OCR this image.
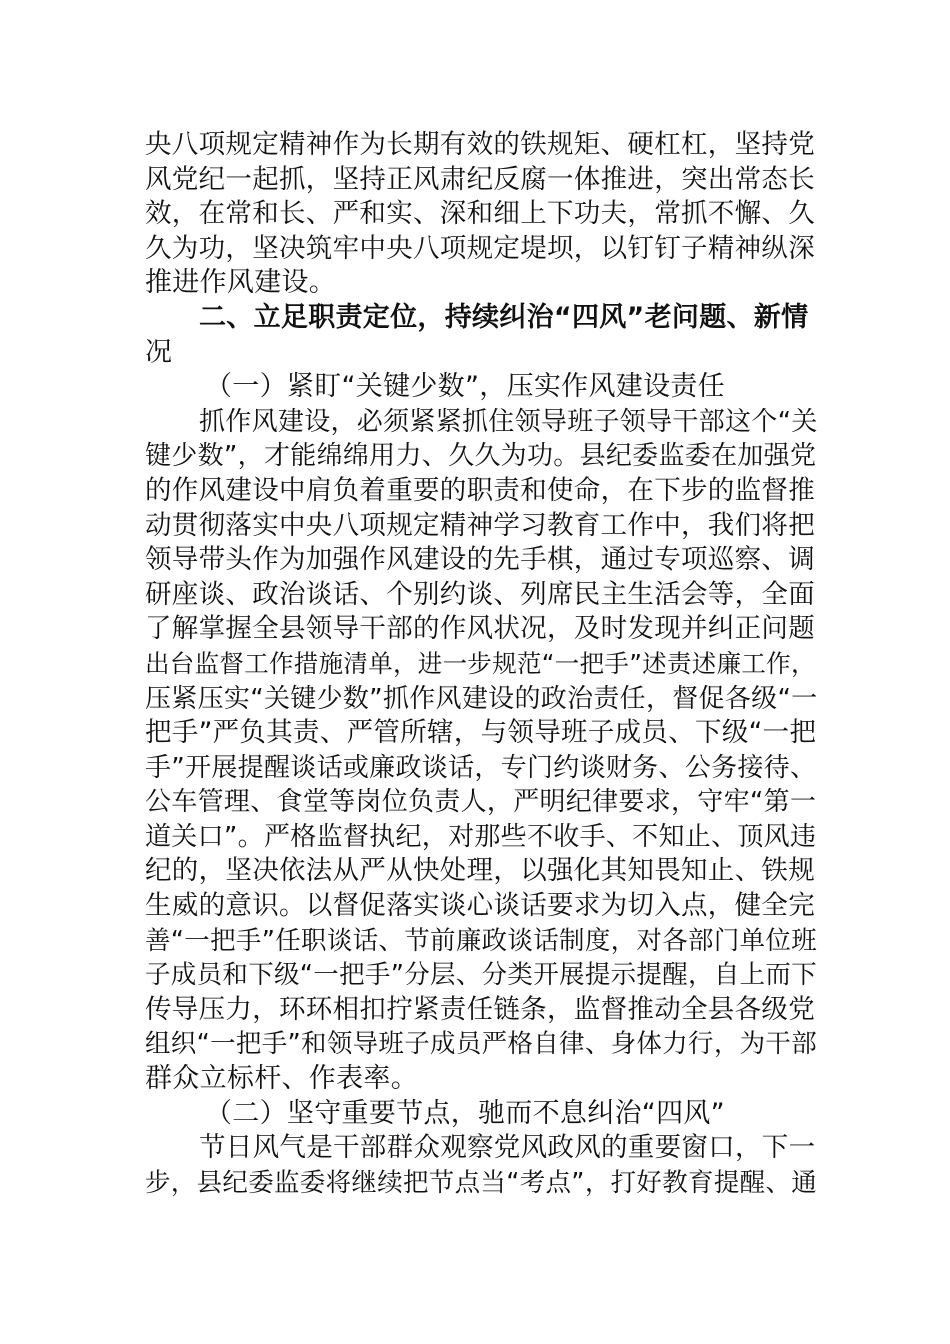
央八项规定精神作为长期有效的铁规矩、硬杠杠，坚持党
风党纪一起抓，坚持正风肃纪反腐一体推进，突出常态长
效，在常和长、严和实、深和细上下功夫，常抓不懈、久
久为功，坚决筑牢中央八项规定堤坝，以钉钉子精神纵深
推进作风建设。
二、立足职责定位，持续纠治“四风”老问题、新情
况
（一）紧盯“关键少数”，压实作风建设责任
抓作风建设，必须紧紧抓住领导班子领导干部这个“关
键少数”，才能绵绵用力、久久为功。县纪委监委在加强党
的作风建设中肩负着重要的职责和使命，在下步的监督推
动贯彻落实中央八项规定精神学习教育工作中，我们将把
领导带头作为加强作风建设的先手棋，通过专项巡察、调
研座谈、政治谈话、个别约谈、列席民主生活会等，全面
了解掌握全县领导干部的作风状况，及时发现并纠正问题
出台监督工作措施清单，进一步规范“一把手”述责述廉工作，
压紧压实“关键少数”抓作风建设的政治责任，督促各级“一
把手”严负其责、严管所辖，与领导班子成员、下级“一把
手”开展提醒谈话或廉政谈话，专门约谈财务、公务接待、
公车管理、食堂等岗位负责人，严明纪律要求，守牢“第一
道关口”。严格监督执纪，对那些不收手、不知止、顶风违
纪的，坚决依法从严从快处理，以强化其知畏知止、铁规
生威的意识。以督促落实谈心谈话要求为切入点，健全完
善“一把手”任职谈话、节前廉政谈话制度，对各部门单位班
子成员和下级“一把手”分层、分类开展提示提醒，自上而下
传导压力，环环相扣拧紧责任链条，监督推动全县各级党
组织“一把手”和领导班子成员严格自律、身体力行，为干部
群众立标杆、作表率。
（二）坚守重要节点，驰而不息纠治“四风”
节日风气是干部群众观察党风政风的重要窗口，下一
步，县纪委监委将继续把节点当“考点”，打好教育提醒、通
